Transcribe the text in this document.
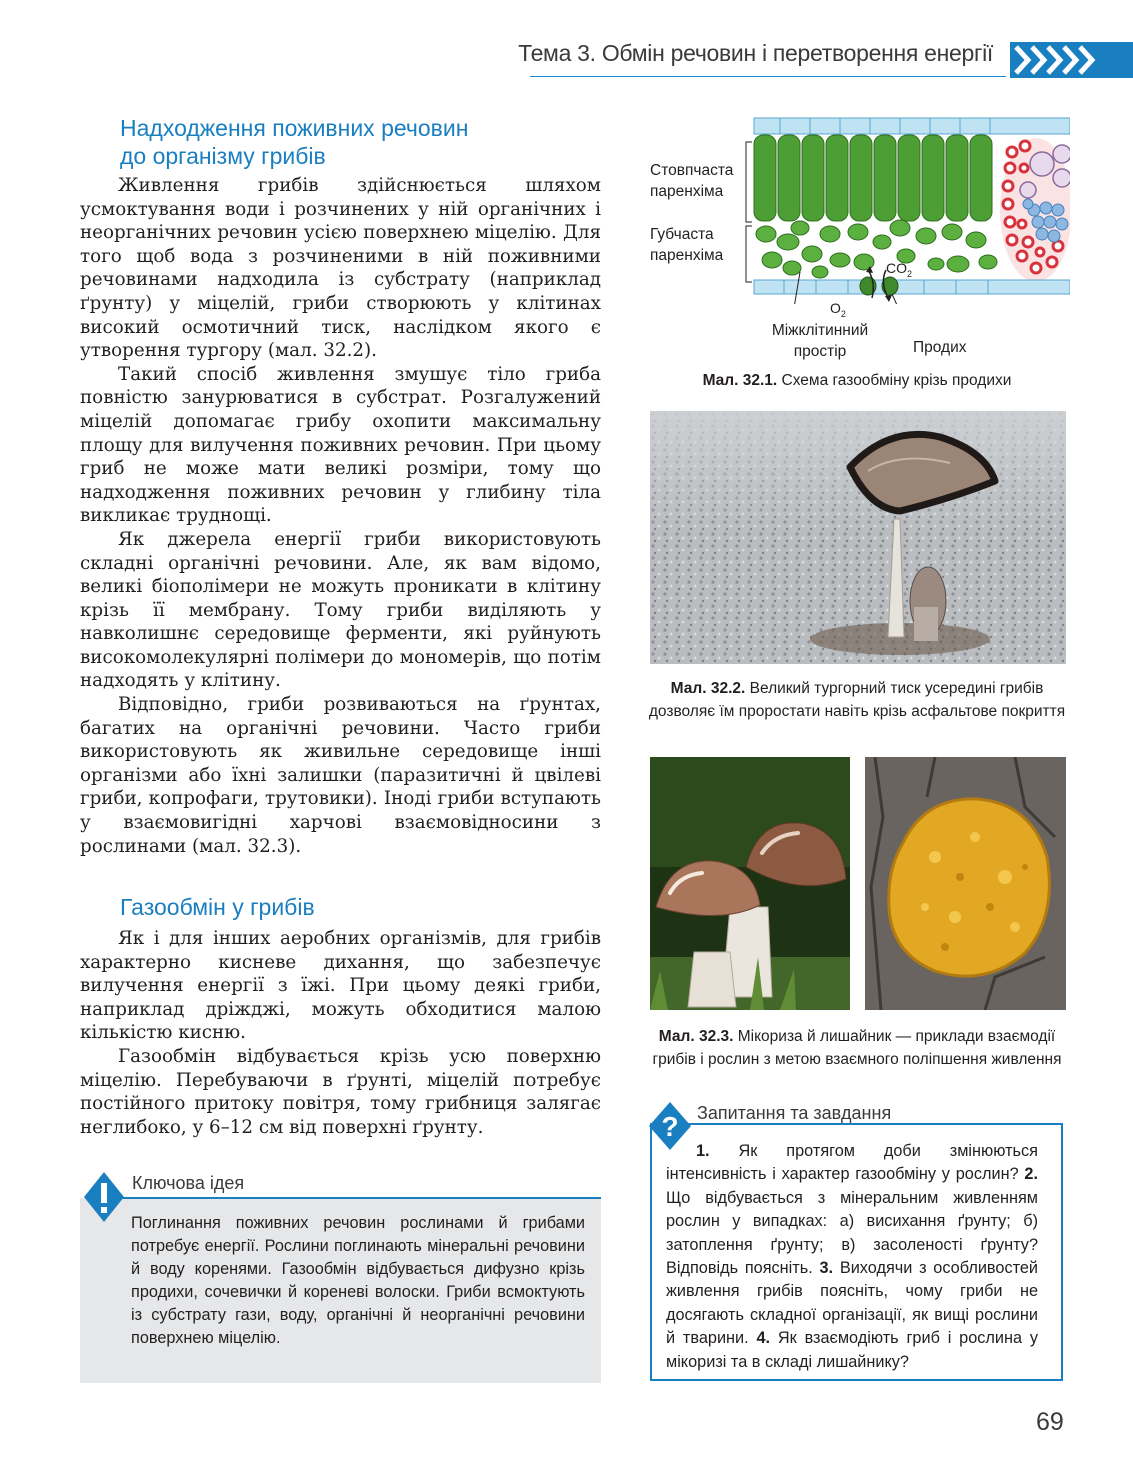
Тема 3. Обмін речовин і перетворення енергії
Надходження поживних речовин
до організму грибів

Живлення грибів здійснюється шляхом усмоктування води і розчинених у ній органічних і неорганічних речовин усією поверхнею міцелію. Для того щоб вода з розчиненими в ній поживними речовинами надходила із субстрату (наприклад ґрунту) у міцелій, гриби створюють у клітинах високий осмотичний тиск, наслідком якого є утворення тургору (мал. 32.2).

Такий спосіб живлення змушує тіло гриба повністю занурюватися в субстрат. Розгалужений міцелій допомагає грибу охопити максимальну площу для вилучення поживних речовин. При цьому гриб не може мати великі розміри, тому що надходження поживних речовин у глибину тіла викликає труднощі.

Як джерела енергії гриби використовують складні органічні речовини. Але, як вам відомо, великі біополімери не можуть проникати в клітину крізь її мембрану. Тому гриби виділяють у навколишнє середовище ферменти, які руйнують високомолекулярні полімери до мономерів, що потім надходять у клітину.

Відповідно, гриби розвиваються на ґрунтах, багатих на органічні речовини. Часто гриби використовують як живильне середовище інші організми або їхні залишки (паразитичні й цвілеві гриби, копрофаги, трутовики). Іноді гриби вступають у взаємовигідні харчові взаємовідносини з рослинами (мал. 32.3).

Газообмін у грибів

Як і для інших аеробних організмів, для грибів характерно кисневе дихання, що забезпечує вилучення енергії з їжі. При цьому деякі гриби, наприклад дріжджі, можуть обходитися малою кількістю кисню.

Газообмін відбувається крізь усю поверхню міцелію. Перебуваючи в ґрунті, міцелій потребує постійного притоку повітря, тому грибниця залягає неглибоко, у 6–12 см від поверхні ґрунту.

Ключова ідея
Поглинання поживних речовин рослинами й грибами потребує енергії. Рослини поглинають мінеральні речовини й воду коренями. Газообмін відбувається дифузно крізь продихи, сочевички й кореневі волоски. Гриби всмоктують із субстрату гази, воду, органічні й неорганічні речовини поверхнею міцелію.
Стовпчаста
паренхіма
Губчаста
паренхіма
$CO_2$
$O_2$
Міжклітинний
простір	Продих
Мал. 32.1. Схема газообміну крізь продихи
Мал. 32.2. Великий тургорний тиск усередині грибів дозволяє їм проростати навіть крізь асфальтове покриття
Мал. 32.3. Мікориза й лишайник — приклади взаємодії грибів і рослин з метою взаємного поліпшення живлення
? Запитання та завдання
1. Як протягом доби змінюються інтенсивність і характер газообміну у рослин? 2. Що відбувається з мінеральним живленням рослин у випадках: а) висихання ґрунту; б) затоплення ґрунту; в) засоленості ґрунту? Відповідь поясніть. 3. Виходячи з особливостей живлення грибів поясніть, чому гриби не досягають складної організації, як вищі рослини й тварини. 4. Як взаємодіють гриб і рослина у мікоризі та в складі лишайнику?
69
